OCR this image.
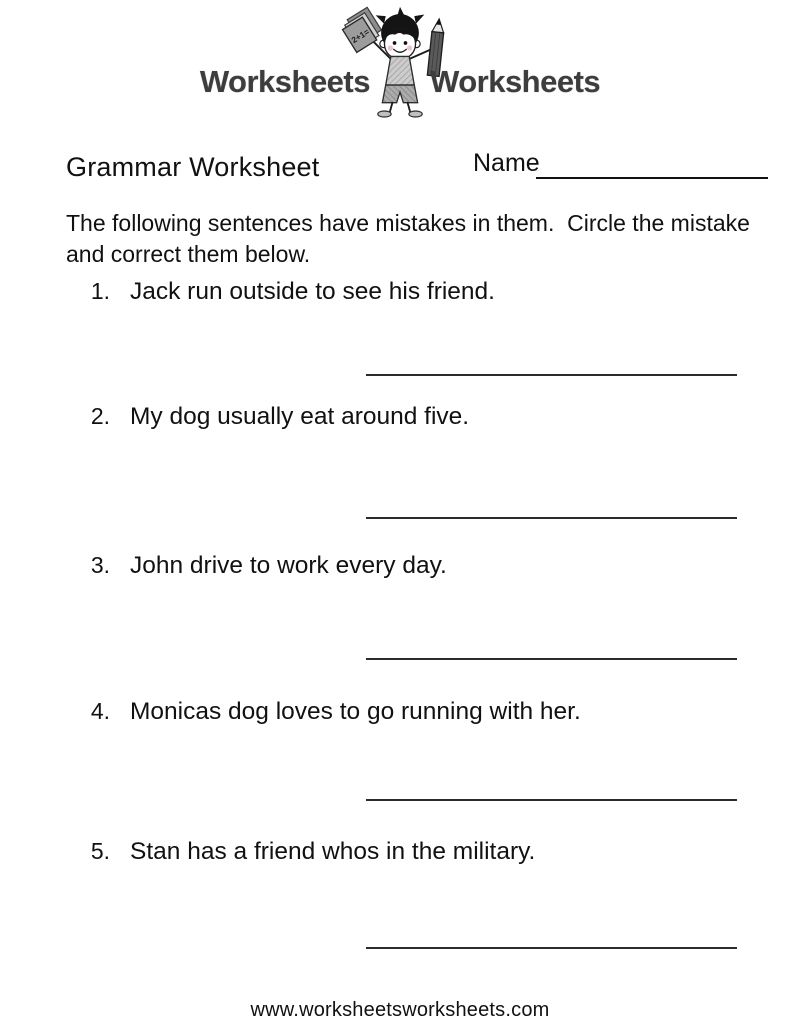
Worksheets
2+1=
Worksheets
Grammar Worksheet	Name
The following sentences have mistakes in them.  Circle the mistake and correct them below.
1. Jack run outside to see his friend.
2. My dog usually eat around five.
3. John drive to work every day.
4. Monicas dog loves to go running with her.
5. Stan has a friend whos in the military.
www.worksheetsworksheets.com
